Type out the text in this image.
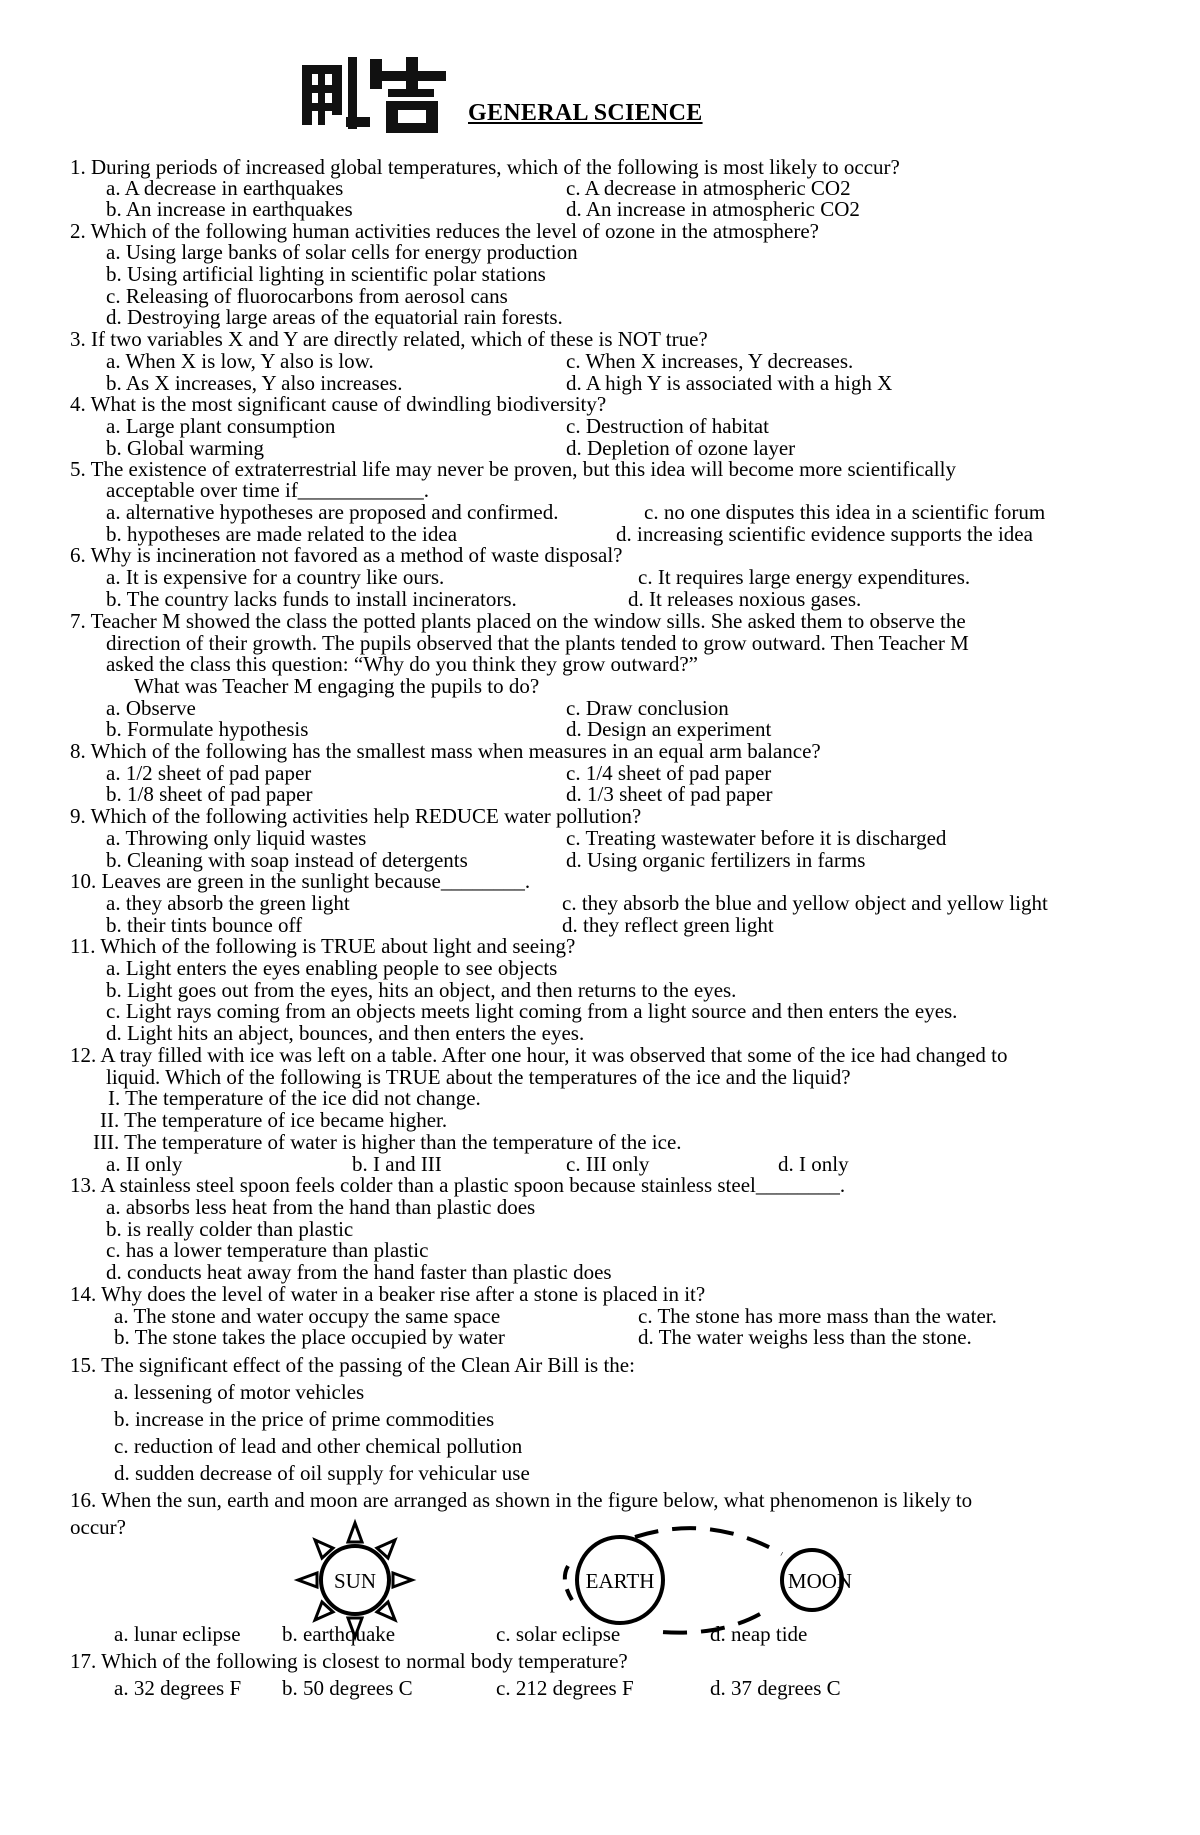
GENERAL SCIENCE
1. During periods of increased global temperatures, which of the following is most likely to occur?
a. A decrease in earthquakes	c. A decrease in atmospheric CO2
b. An increase in earthquakes	d. An increase in atmospheric CO2
2. Which of the following human activities reduces the level of ozone in the atmosphere?
a. Using large banks of solar cells for energy production
b. Using artificial lighting in scientific polar stations
c. Releasing of fluorocarbons from aerosol cans
d. Destroying large areas of the equatorial rain forests.
3. If two variables X and Y are directly related, which of these is NOT true?
a. When X is low, Y also is low.	c. When X increases, Y decreases.
b. As X increases, Y also increases.	d. A high Y is associated with a high X
4. What is the most significant cause of dwindling biodiversity?
a. Large plant consumption	c. Destruction of habitat
b. Global warming	d. Depletion of ozone layer
5. The existence of extraterrestrial life may never be proven, but this idea will become more scientifically
acceptable over time if____________.
a. alternative hypotheses are proposed and confirmed.	c. no one disputes this idea in a scientific forum
b. hypotheses are made related to the idea	d. increasing scientific evidence supports the idea
6. Why is incineration not favored as a method of waste disposal?
a. It is expensive for a country like ours.	c. It requires large energy expenditures.
b. The country lacks funds to install incinerators.	d. It releases noxious gases.
7. Teacher M showed the class the potted plants placed on the window sills. She asked them to observe the
direction of their growth. The pupils observed that the plants tended to grow outward. Then Teacher M
asked the class this question: “Why do you think they grow outward?”
What was Teacher M engaging the pupils to do?
a. Observe	c. Draw conclusion
b. Formulate hypothesis	d. Design an experiment
8. Which of the following has the smallest mass when measures in an equal arm balance?
a. 1/2 sheet of pad paper	c. 1/4 sheet of pad paper
b. 1/8 sheet of pad paper	d. 1/3 sheet of pad paper
9. Which of the following activities help REDUCE water pollution?
a. Throwing only liquid wastes	c. Treating wastewater before it is discharged
b. Cleaning with soap instead of detergents	d. Using organic fertilizers in farms
10. Leaves are green in the sunlight because________.
a. they absorb the green light	c. they absorb the blue and yellow object and yellow light
b. their tints bounce off	d. they reflect green light
11. Which of the following is TRUE about light and seeing?
a. Light enters the eyes enabling people to see objects
b. Light goes out from the eyes, hits an object, and then returns to the eyes.
c. Light rays coming from an objects meets light coming from a light source and then enters the eyes.
d. Light hits an abject, bounces, and then enters the eyes.
12. A tray filled with ice was left on a table. After one hour, it was observed that some of the ice had changed to
liquid. Which of the following is TRUE about the temperatures of the ice and the liquid?
I. The temperature of the ice did not change.
II. The temperature of ice became higher.
III. The temperature of water is higher than the temperature of the ice.
a. II only	b. I and III	c. III only	d. I only
13. A stainless steel spoon feels colder than a plastic spoon because stainless steel________.
a. absorbs less heat from the hand than plastic does
b. is really colder than plastic
c. has a lower temperature than plastic
d. conducts heat away from the hand faster than plastic does
14. Why does the level of water in a beaker rise after a stone is placed in it?
a. The stone and water occupy the same space	c. The stone has more mass than the water.
b. The stone takes the place occupied by water	d. The water weighs less than the stone.
15. The significant effect of the passing of the Clean Air Bill is the:
a. lessening of motor vehicles
b. increase in the price of prime commodities
c. reduction of lead and other chemical pollution
d. sudden decrease of oil supply for vehicular use
16. When the sun, earth and moon are arranged as shown in the figure below, what phenomenon is likely to
occur?
SUN	EARTH	MOON
a. lunar eclipse b. earthquake	c. solar eclipse	d. neap tide
17. Which of the following is closest to normal body temperature?
a. 32 degrees F b. 50 degrees C	c. 212 degrees F	d. 37 degrees C
